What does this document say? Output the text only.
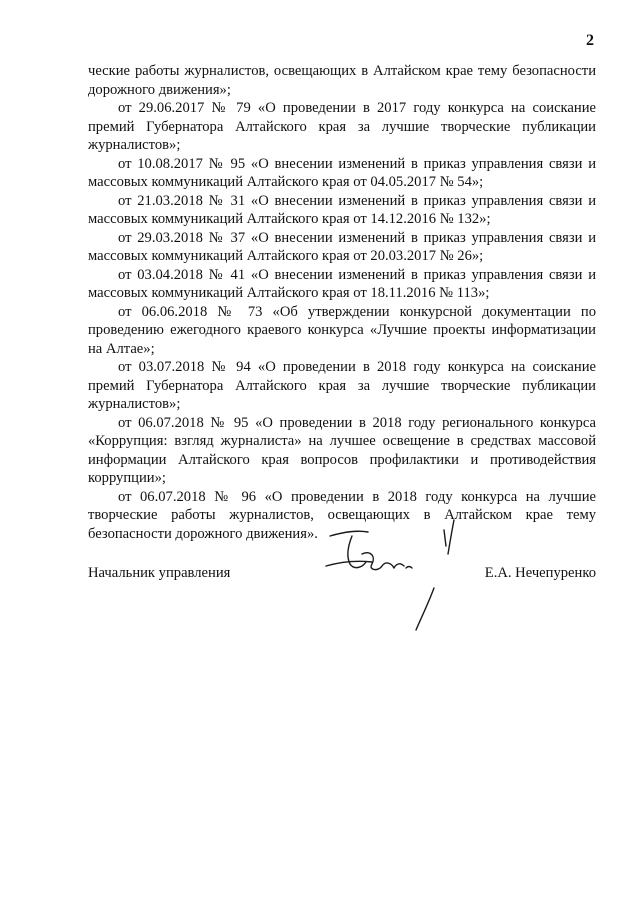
2

ческие работы журналистов, освещающих в Алтайском крае тему безопасности дорожного движения»;

от 29.06.2017 № 79 «О проведении в 2017 году конкурса на соискание премий Губернатора Алтайского края за лучшие творческие публикации журналистов»;

от 10.08.2017 № 95 «О внесении изменений в приказ управления связи и массовых коммуникаций Алтайского края от 04.05.2017 № 54»;

от 21.03.2018 № 31 «О внесении изменений в приказ управления связи и массовых коммуникаций Алтайского края от 14.12.2016 № 132»;

от 29.03.2018 № 37 «О внесении изменений в приказ управления связи и массовых коммуникаций Алтайского края от 20.03.2017 № 26»;

от 03.04.2018 № 41 «О внесении изменений в приказ управления связи и массовых коммуникаций Алтайского края от 18.11.2016 № 113»;

от 06.06.2018 № 73 «Об утверждении конкурсной документации по проведению ежегодного краевого конкурса «Лучшие проекты информатизации на Алтае»;

от 03.07.2018 № 94 «О проведении в 2018 году конкурса на соискание премий Губернатора Алтайского края за лучшие творческие публикации журналистов»;

от 06.07.2018 № 95 «О проведении в 2018 году регионального конкурса «Коррупция: взгляд журналиста» на лучшее освещение в средствах массовой информации Алтайского края вопросов профилактики и противодействия коррупции»;

от 06.07.2018 № 96 «О проведении в 2018 году конкурса на лучшие творческие работы журналистов, освещающих в Алтайском крае тему безопасности дорожного движения».

Начальник управления	Е.А. Нечепуренко
